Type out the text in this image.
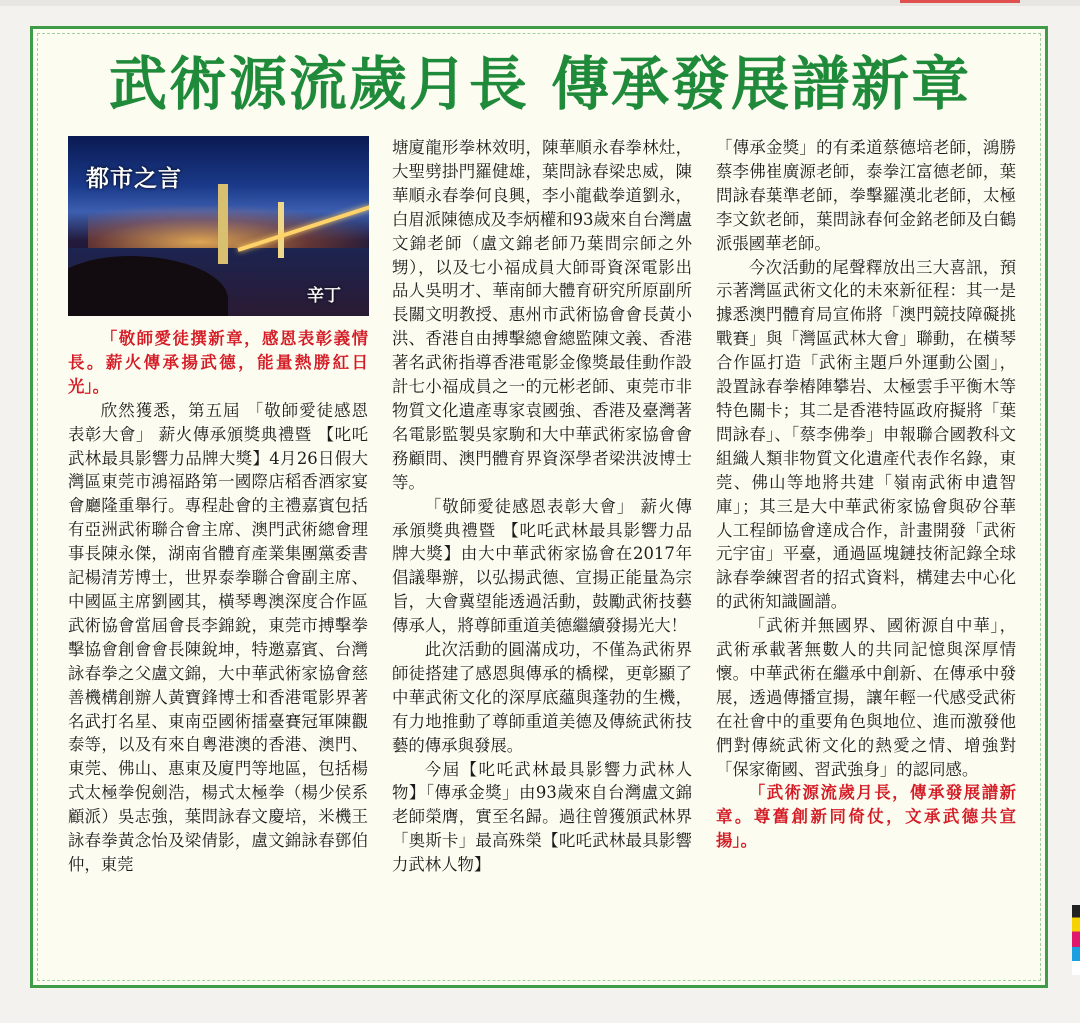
武術源流歲月長 傳承發展譜新章
都市之言
辛丁

「敬師愛徒撰新章，感恩表彰義情長。薪火傳承揚武德，能量熱勝紅日光」。

欣然獲悉，第五屆 「敬師愛徒感恩表彰大會」 薪火傳承頒獎典禮暨 【叱吒武林最具影響力品牌大獎】4月26日假大灣區東莞市鴻福路第一國際店稻香酒家宴會廳隆重舉行。專程赴會的主禮嘉賓包括有亞洲武術聯合會主席、澳門武術總會理事長陳永傑，湖南省體育產業集團黨委書記楊清芳博士，世界泰拳聯合會副主席、中國區主席劉國其，橫琴粵澳深度合作區武術協會當屆會長李錦銳，東莞市搏擊拳擊協會創會會長陳銳坤，特邀嘉賓、台灣詠春拳之父盧文錦，大中華武術家協會慈善機構創辦人黃寶鋒博士和香港電影界著名武打名星、東南亞國術擂臺賽冠軍陳觀泰等，以及有來自粵港澳的香港、澳門、東莞、佛山、惠東及廈門等地區，包括楊式太極拳倪劍浩，楊式太極拳（楊少侯系顧派）吳志強，葉問詠春文慶培，米機王詠春拳黃念怡及梁倩影，盧文錦詠春鄧伯仲，東莞

塘廈龍形拳林效明，陳華順永春拳林灶，大聖劈掛門羅健雄，葉問詠春梁忠威，陳華順永春拳何良興，李小龍截拳道劉永，白眉派陳德成及李炳權和93歲來自台灣盧文錦老師（盧文錦老師乃葉問宗師之外甥），以及七小福成員大師哥資深電影出品人吳明才、華南師大體育研究所原副所長關文明教授、惠州市武術協會會長黃小洪、香港自由搏擊總會總監陳文義、香港著名武術指導香港電影金像獎最佳動作設計七小福成員之一的元彬老師、東莞市非物質文化遺產專家袁國強、香港及臺灣著名電影監製吳家駒和大中華武術家協會會務顧問、澳門體育界資深學者梁洪波博士等。

「敬師愛徒感恩表彰大會」 薪火傳承頒獎典禮暨 【叱吒武林最具影響力品牌大獎】由大中華武術家協會在2017年倡議舉辦，以弘揚武德、宣揚正能量為宗旨，大會冀望能透過活動，鼓勵武術技藝傳承人，將尊師重道美德繼續發揚光大！

此次活動的圓滿成功，不僅為武術界師徒搭建了感恩與傳承的橋樑，更彰顯了中華武術文化的深厚底蘊與蓬勃的生機，有力地推動了尊師重道美德及傳統武術技藝的傳承與發展。

今屆【叱吒武林最具影響力武林人物】「傳承金獎」由93歲來自台灣盧文錦老師榮膺，實至名歸。過往曾獲頒武林界「奧斯卡」最高殊榮【叱吒武林最具影響力武林人物】

「傳承金獎」的有柔道蔡德培老師，鴻勝蔡李佛崔廣源老師，泰拳江富德老師，葉問詠春葉準老師，拳擊羅漢北老師，太極李文欽老師，葉問詠春何金銘老師及白鶴派張國華老師。

今次活動的尾聲釋放出三大喜訊，預示著灣區武術文化的未來新征程：其一是據悉澳門體育局宣佈將「澳門競技障礙挑戰賽」與「灣區武林大會」聯動，在橫琴合作區打造「武術主題戶外運動公園」，設置詠春拳樁陣攀岩、太極雲手平衡木等特色關卡；其二是香港特區政府擬將「葉問詠春」、「蔡李佛拳」申報聯合國教科文組織人類非物質文化遺產代表作名錄，東莞、佛山等地將共建「嶺南武術申遺智庫」；其三是大中華武術家協會與矽谷華人工程師協會達成合作，計畫開發「武術元宇宙」平臺，通過區塊鏈技術記錄全球詠春拳練習者的招式資料，構建去中心化的武術知識圖譜。

「武術并無國界、國術源自中華」，武術承載著無數人的共同記憶與深厚情懷。中華武術在繼承中創新、在傳承中發展，透過傳播宣揚，讓年輕一代感受武術在社會中的重要角色與地位、進而激發他們對傳統武術文化的熱愛之情、增強對「保家衛國、習武強身」的認同感。

「武術源流歲月長，傳承發展譜新章。尊舊創新同倚仗，文承武德共宣揚」。
